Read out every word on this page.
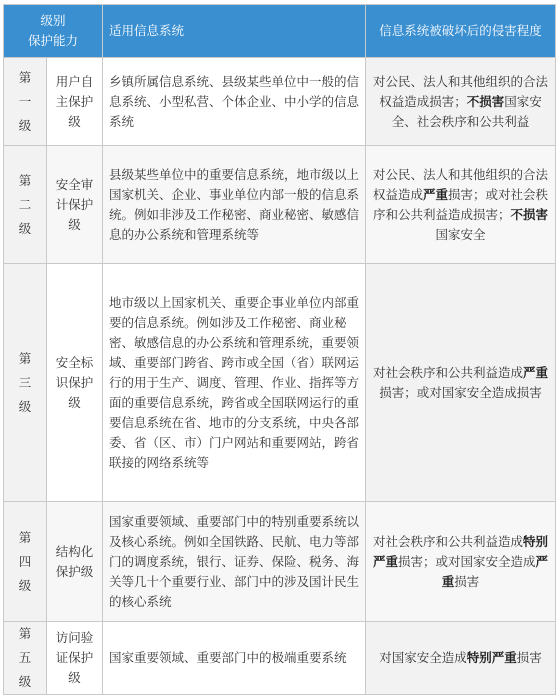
级别
保护能力		适用信息系统	信息系统被破坏后的侵害程度

第
一
级	用户自主保护级	乡镇所属信息系统、县级某些单位中一般的信息系统、小型私营、个体企业、中小学的信息系统	对公民、法人和其他组织的合法权益造成损害；不损害国家安全、社会秩序和公共利益

第
二
级	安全审计保护级	县级某些单位中的重要信息系统，地市级以上国家机关、企业、事业单位内部一般的信息系统。例如非涉及工作秘密、商业秘密、敏感信息的办公系统和管理系统等	对公民、法人和其他组织的合法权益造成严重损害；或对社会秩序和公共利益造成损害；不损害国家安全

第
三
级	安全标识保护级	地市级以上国家机关、重要企事业单位内部重要的信息系统。例如涉及工作秘密、商业秘密、敏感信息的办公系统和管理系统，重要领域、重要部门跨省、跨市或全国（省）联网运行的用于生产、调度、管理、作业、指挥等方面的重要信息系统，跨省或全国联网运行的重要信息系统在省、地市的分支系统，中央各部委、省（区、市）门户网站和重要网站，跨省联接的网络系统等	对社会秩序和公共利益造成严重损害；或对国家安全造成损害

第
四
级	结构化保护级	国家重要领域、重要部门中的特别重要系统以及核心系统。例如全国铁路、民航、电力等部门的调度系统，银行、证券、保险、税务、海关等几十个重要行业、部门中的涉及国计民生的核心系统	对社会秩序和公共利益造成特别严重损害；或对国家安全造成严重损害

第
五
级	访问验证保护级	国家重要领域、重要部门中的极端重要系统	对国家安全造成特别严重损害
